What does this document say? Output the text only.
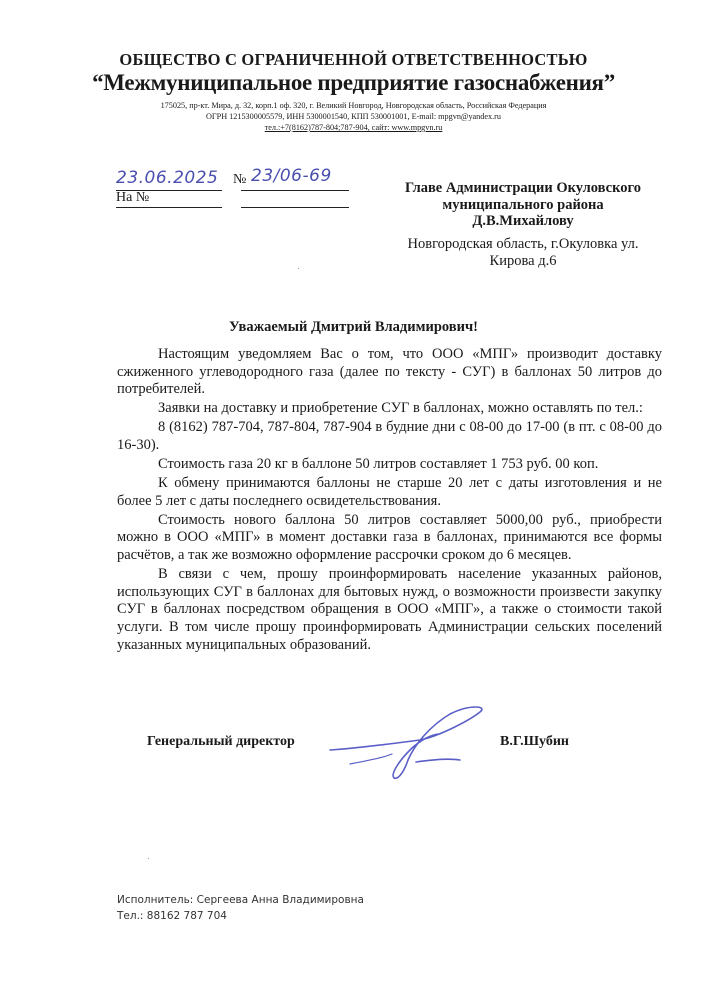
ОБЩЕСТВО С ОГРАНИЧЕННОЙ ОТВЕТСТВЕННОСТЬЮ
“Межмуниципальное предприятие газоснабжения”
175025, пр-кт. Мира, д. 32, корп.1 оф. 320, г. Великий Новгород, Новгородская область, Российская Федерация
ОГРН 1215300005579, ИНН 5300001540, КПП 530001001, E-mail: mpgvn@yandex.ru
тел.:+7(8162)787-804;787-904, сайт: www.mpgvn.ru
23.06.2025 № 23/06-69
На №
Главе Администрации Окуловского
муниципального района
Д.В.Михайлову
Новгородская область, г.Окуловка ул.
Кирова д.6
Уважаемый Дмитрий Владимирович!

Настоящим уведомляем Вас о том, что ООО «МПГ» производит доставку сжиженного углеводородного газа (далее по тексту - СУГ) в баллонах 50 литров до потребителей.

Заявки на доставку и приобретение СУГ в баллонах, можно оставлять по тел.:

8 (8162) 787-704, 787-804, 787-904 в будние дни с 08-00 до 17-00 (в пт. с 08-00 до 16-30).

Стоимость газа 20 кг в баллоне 50 литров составляет 1 753 руб. 00 коп.

К обмену принимаются баллоны не старше 20 лет с даты изготовления и не более 5 лет с даты последнего освидетельствования.

Стоимость нового баллона 50 литров составляет 5000,00 руб., приобрести можно в ООО «МПГ» в момент доставки газа в баллонах, принимаются все формы расчётов, а так же возможно оформление рассрочки сроком до 6 месяцев.

В связи с чем, прошу проинформировать население указанных районов, использующих СУГ в баллонах для бытовых нужд, о возможности произвести закупку СУГ в баллонах посредством обращения в ООО «МПГ», а также о стоимости такой услуги. В том числе прошу проинформировать Администрации сельских поселений указанных муниципальных образований.

Генеральный директор	В.Г.Шубин
Исполнитель: Сергеева Анна Владимировна
Тел.: 88162 787 704
